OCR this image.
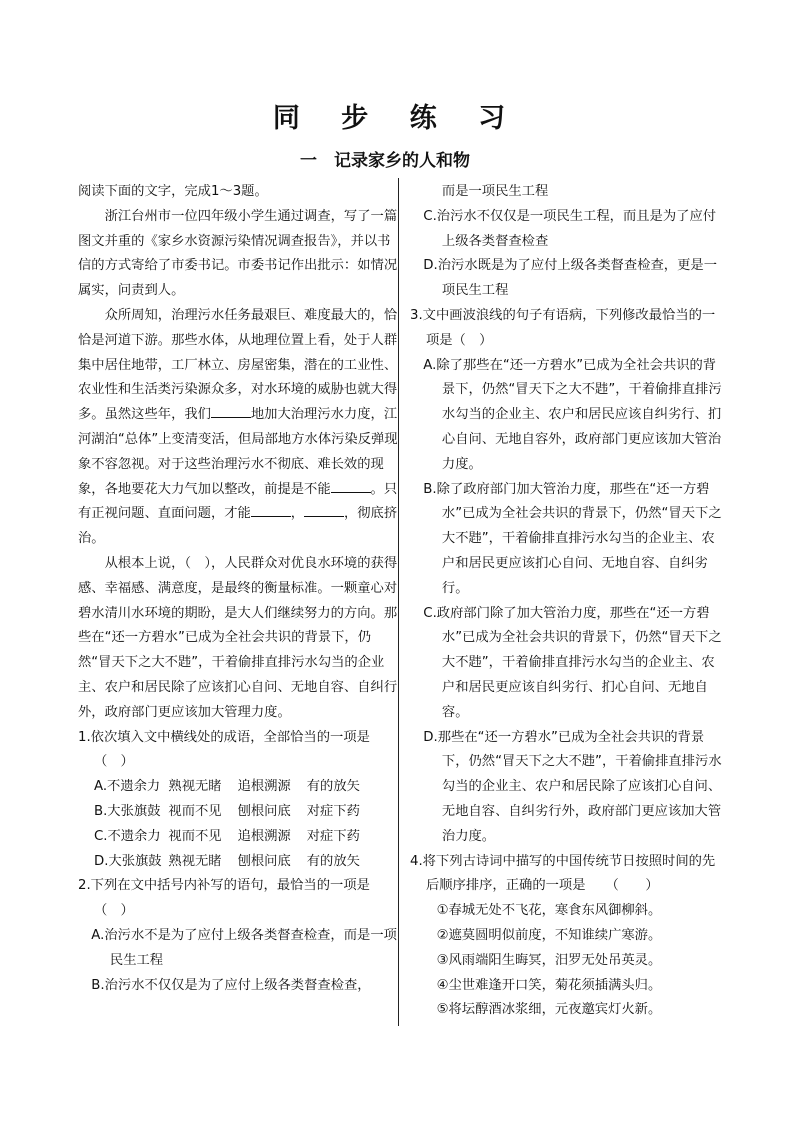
同 步 练 习
一　记录家乡的人和物

阅读下面的文字，完成1～3题。

浙江台州市一位四年级小学生通过调查，写了一篇图文并重的《家乡水资源污染情况调查报告》，并以书信的方式寄给了市委书记。市委书记作出批示：如情况属实，问责到人。

众所周知，治理污水任务最艰巨、难度最大的，恰恰是河道下游。那些水体，从地理位置上看，处于人群集中居住地带，工厂林立、房屋密集，潜在的工业性、农业性和生活类污染源众多，对水环境的威胁也就大得多。虽然这些年，我们	地加大治理污水力度，江河湖泊“总体”上变清变活，但局部地方水体污染反弹现象不容忽视。对于这些治理污水不彻底、难长效的现象，各地要花大力气加以整改，前提是不能	。只有正视问题、直面问题，才能	，	，彻底挤治。

从根本上说，（　），人民群众对优良水环境的获得感、幸福感、满意度，是最终的衡量标准。一颗童心对碧水清川水环境的期盼，是大人们继续努力的方向。那些在“还一方碧水”已成为全社会共识的背景下，仍然“冒天下之大不韪”，干着偷排直排污水勾当的企业主、农户和居民除了应该扪心自问、无地自容、自纠行外，政府部门更应该加大管理力度。

1.依次填入文中横线处的成语，全部恰当的一项是

（　）

A.不遗余力 熟视无睹	追根溯源	有的放矢
B.大张旗鼓 视而不见	刨根问底	对症下药
C.不遗余力 视而不见	追根溯源	对症下药
D.大张旗鼓 熟视无睹	刨根问底	有的放矢

2.下列在文中括号内补写的语句，最恰当的一项是

（　）

A.治污水不是为了应付上级各类督查检查，而是一项民生工程

B.治污水不仅仅是为了应付上级各类督查检查，

而是一项民生工程

C.治污水不仅仅是一项民生工程，而且是为了应付上级各类督查检查

D.治污水既是为了应付上级各类督查检查，更是一项民生工程

3.文中画波浪线的句子有语病，下列修改最恰当的一项是（　）

A.除了那些在“还一方碧水”已成为全社会共识的背景下，仍然“冒天下之大不韪”，干着偷排直排污水勾当的企业主、农户和居民应该自纠劣行、扪心自问、无地自容外，政府部门更应该加大管治力度。

B.除了政府部门加大管治力度，那些在“还一方碧水”已成为全社会共识的背景下，仍然“冒天下之大不韪”，干着偷排直排污水勾当的企业主、农户和居民更应该扪心自问、无地自容、自纠劣行。

C.政府部门除了加大管治力度，那些在“还一方碧水”已成为全社会共识的背景下，仍然“冒天下之大不韪”，干着偷排直排污水勾当的企业主、农户和居民更应该自纠劣行、扪心自问、无地自容。

D.那些在“还一方碧水”已成为全社会共识的背景下，仍然“冒天下之大不韪”，干着偷排直排污水勾当的企业主、农户和居民除了应该扪心自问、无地自容、自纠劣行外，政府部门更应该加大管治力度。

4.将下列古诗词中描写的中国传统节日按照时间的先后顺序排序，正确的一项是　　（　　）

①春城无处不飞花，寒食东风御柳斜。

②遮莫圆明似前度，不知谁续广寒游。

③风雨端阳生晦冥，汨罗无处吊英灵。

④尘世难逢开口笑，菊花须插满头归。

⑤将坛醇酒冰浆细，元夜邀宾灯火新。
